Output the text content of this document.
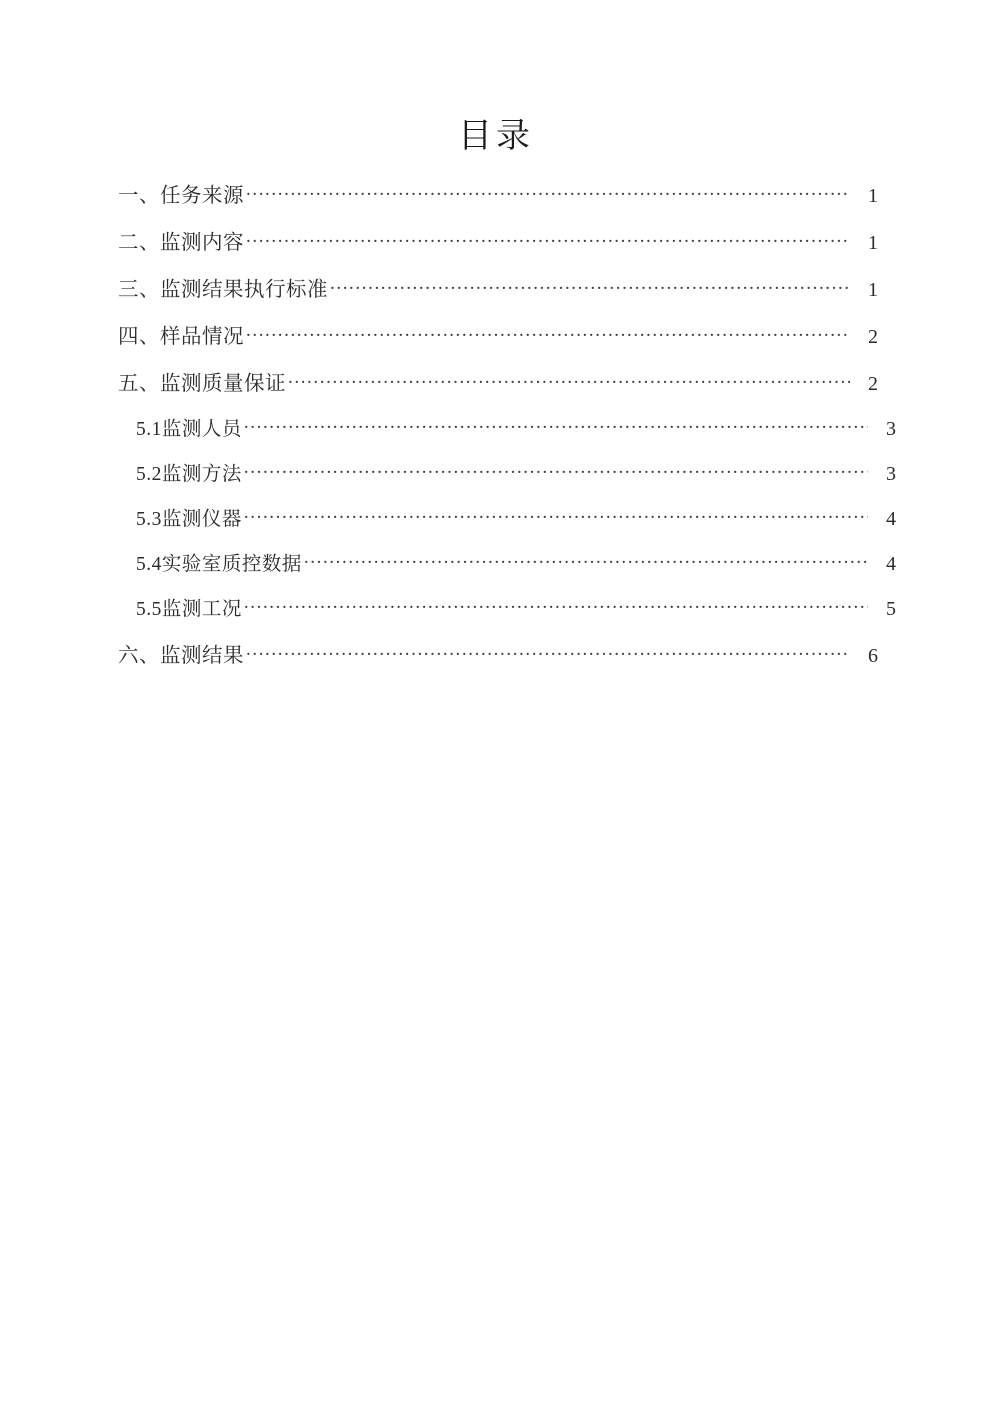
目录
一、任务来源 .....	1
二、监测内容 .....	1
三、监测结果执行标准 .....	1
四、样品情况 .....	2
五、监测质量保证 .....	2
5.1监测人员 .....	3
5.2监测方法 .....	3
5.3监测仪器 .....	4
5.4实验室质控数据 .....	4
5.5监测工况 .....	5
六、监测结果 .....	6
